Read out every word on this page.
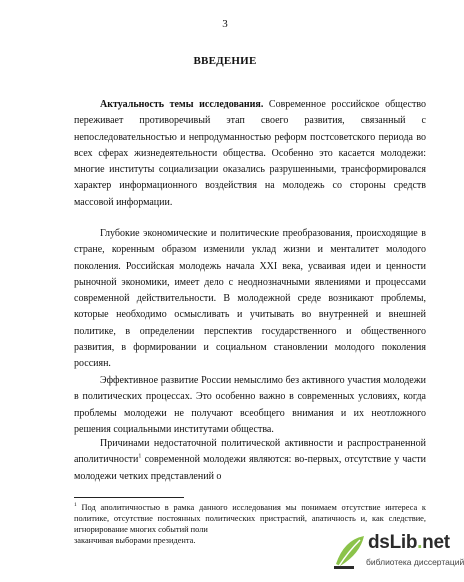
3
ВВЕДЕНИЕ

Актуальность темы исследования. Современное российское общество переживает противоречивый этап своего развития, связанный с непоследовательностью и непродуманностью реформ постсоветского периода во всех сферах жизнедеятельности общества. Особенно это касается молодежи: многие институты социализации оказались разрушенными, трансформировался характер информационного воздействия на молодежь со стороны средств массовой информации.

Глубокие экономические и политические преобразования, происходящие в стране, коренным образом изменили уклад жизни и менталитет молодого поколения. Российская молодежь начала XXI века, усваивая идеи и ценности рыночной экономики, имеет дело с неоднозначными явлениями и процессами современной действительности. В молодежной среде возникают проблемы, которые необходимо осмысливать и учитывать во внутренней и внешней политике, в определении перспектив государственного и общественного развития, в формировании и социальном становлении молодого поколения россиян.

Эффективное развитие России немыслимо без активного участия молодежи в политических процессах. Это особенно важно в современных условиях, когда проблемы молодежи не получают всеобщего внимания и их неотложного решения социальными институтами общества.

Причинами недостаточной политической активности и распространенной аполитичности$^1$ современной молодежи являются: во-первых, отсутствие у части молодежи четких представлений о

$^1$ Под аполитичностью в рамка данного исследования мы понимаем отсутствие интереса к политике, отсутствие постоянных политических пристрастий, апатичность и, как следствие, игнорирование многих событий поли
заканчивая выборами президента.	dsLib.net
библиотека диссертаций
